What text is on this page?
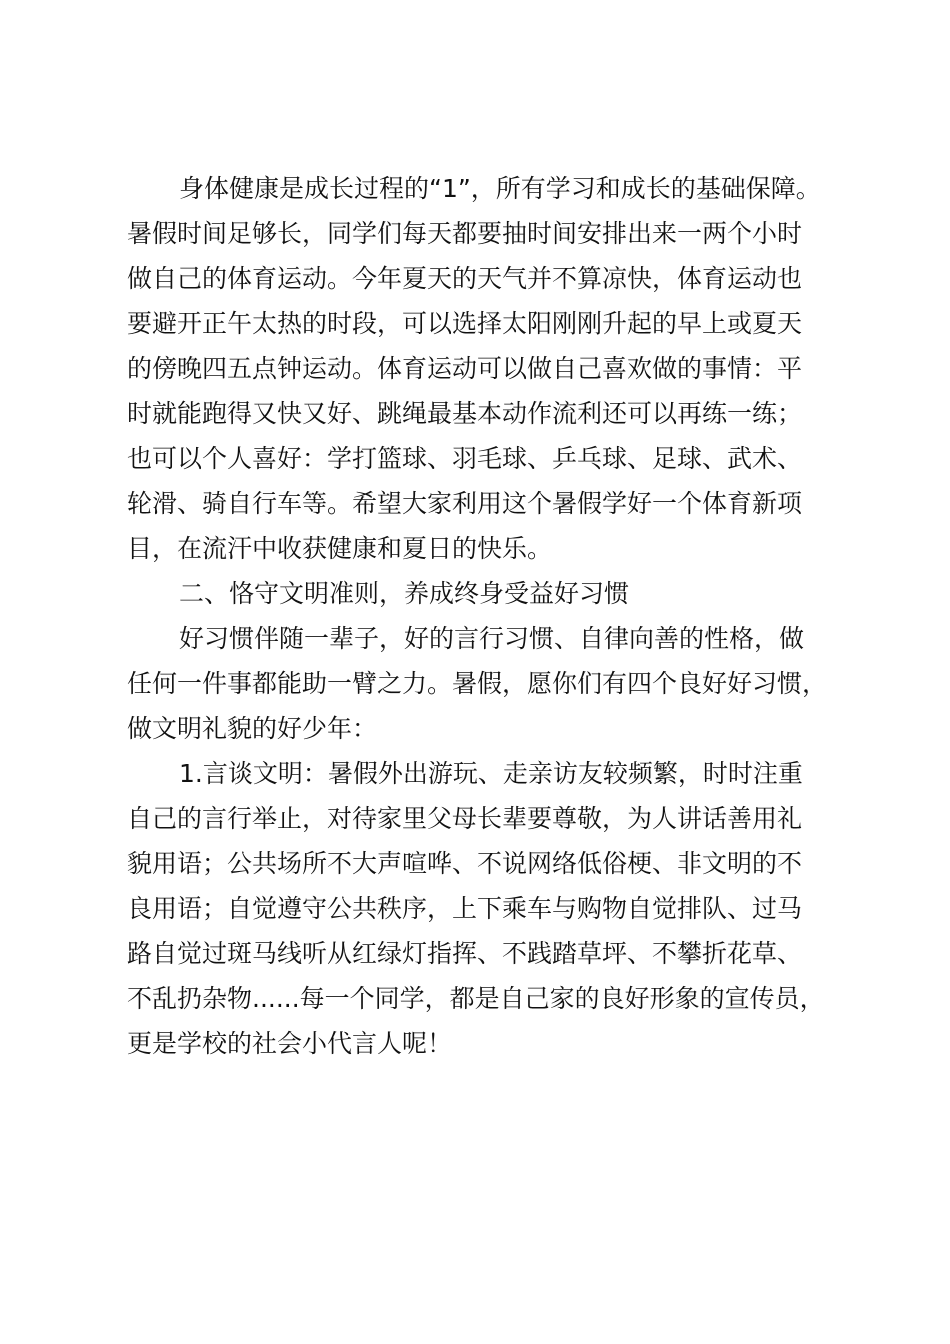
身体健康是成长过程的“1”，所有学习和成长的基础保障。
暑假时间足够长，同学们每天都要抽时间安排出来一两个小时
做自己的体育运动。今年夏天的天气并不算凉快，体育运动也
要避开正午太热的时段，可以选择太阳刚刚升起的早上或夏天
的傍晚四五点钟运动。体育运动可以做自己喜欢做的事情：平
时就能跑得又快又好、跳绳最基本动作流利还可以再练一练；
也可以个人喜好：学打篮球、羽毛球、乒乓球、足球、武术、
轮滑、骑自行车等。希望大家利用这个暑假学好一个体育新项
目，在流汗中收获健康和夏日的快乐。
二、恪守文明准则，养成终身受益好习惯
好习惯伴随一辈子，好的言行习惯、自律向善的性格，做
任何一件事都能助一臂之力。暑假，愿你们有四个良好好习惯，
做文明礼貌的好少年：
1.言谈文明：暑假外出游玩、走亲访友较频繁，时时注重
自己的言行举止，对待家里父母长辈要尊敬，为人讲话善用礼
貌用语；公共场所不大声喧哗、不说网络低俗梗、非文明的不
良用语；自觉遵守公共秩序，上下乘车与购物自觉排队、过马
路自觉过斑马线听从红绿灯指挥、不践踏草坪、不攀折花草、
不乱扔杂物......每一个同学，都是自己家的良好形象的宣传员，
更是学校的社会小代言人呢！
